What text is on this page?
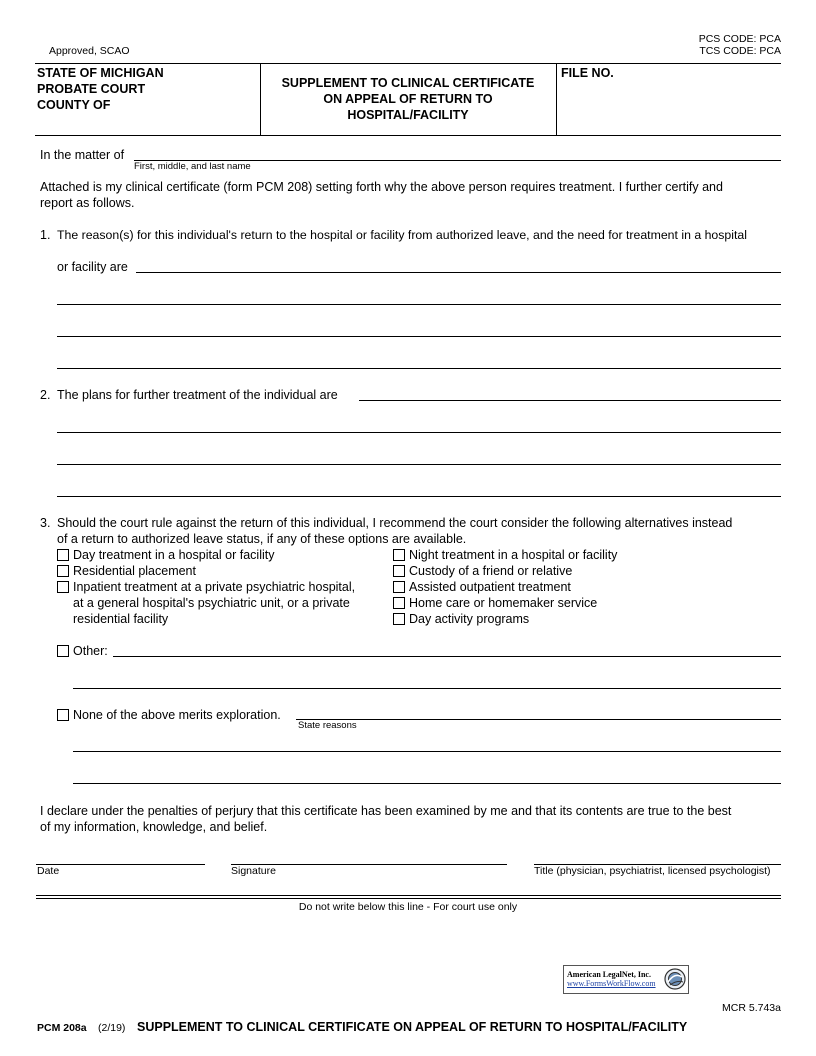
PCS CODE: PCA
TCS CODE: PCA
Approved, SCAO
STATE OF MICHIGAN
PROBATE COURT
COUNTY OF
SUPPLEMENT TO CLINICAL CERTIFICATE
ON APPEAL OF RETURN TO
HOSPITAL/FACILITY
FILE NO.
In the matter of
First, middle, and last name
Attached is my clinical certificate (form PCM 208) setting forth why the above person requires treatment. I further certify and
report as follows.
1. The reason(s) for this individual's return to the hospital or facility from authorized leave, and the need for treatment in a hospital
or facility are
2. The plans for further treatment of the individual are
3. Should the court rule against the return of this individual, I recommend the court consider the following alternatives instead
of a return to authorized leave status, if any of these options are available.
Day treatment in a hospital or facility
Residential placement
Inpatient treatment at a private psychiatric hospital,
at a general hospital's psychiatric unit, or a private
residential facility
Night treatment in a hospital or facility
Custody of a friend or relative
Assisted outpatient treatment
Home care or homemaker service
Day activity programs
Other:
None of the above merits exploration.
State reasons
I declare under the penalties of perjury that this certificate has been examined by me and that its contents are true to the best
of my information, knowledge, and belief.
Date	Signature	Title (physician, psychiatrist, licensed psychologist)
Do not write below this line - For court use only
American LegalNet, Inc.
www.FormsWorkFlow.com
MCR 5.743a
PCM 208a (2/19) SUPPLEMENT TO CLINICAL CERTIFICATE ON APPEAL OF RETURN TO HOSPITAL/FACILITY
